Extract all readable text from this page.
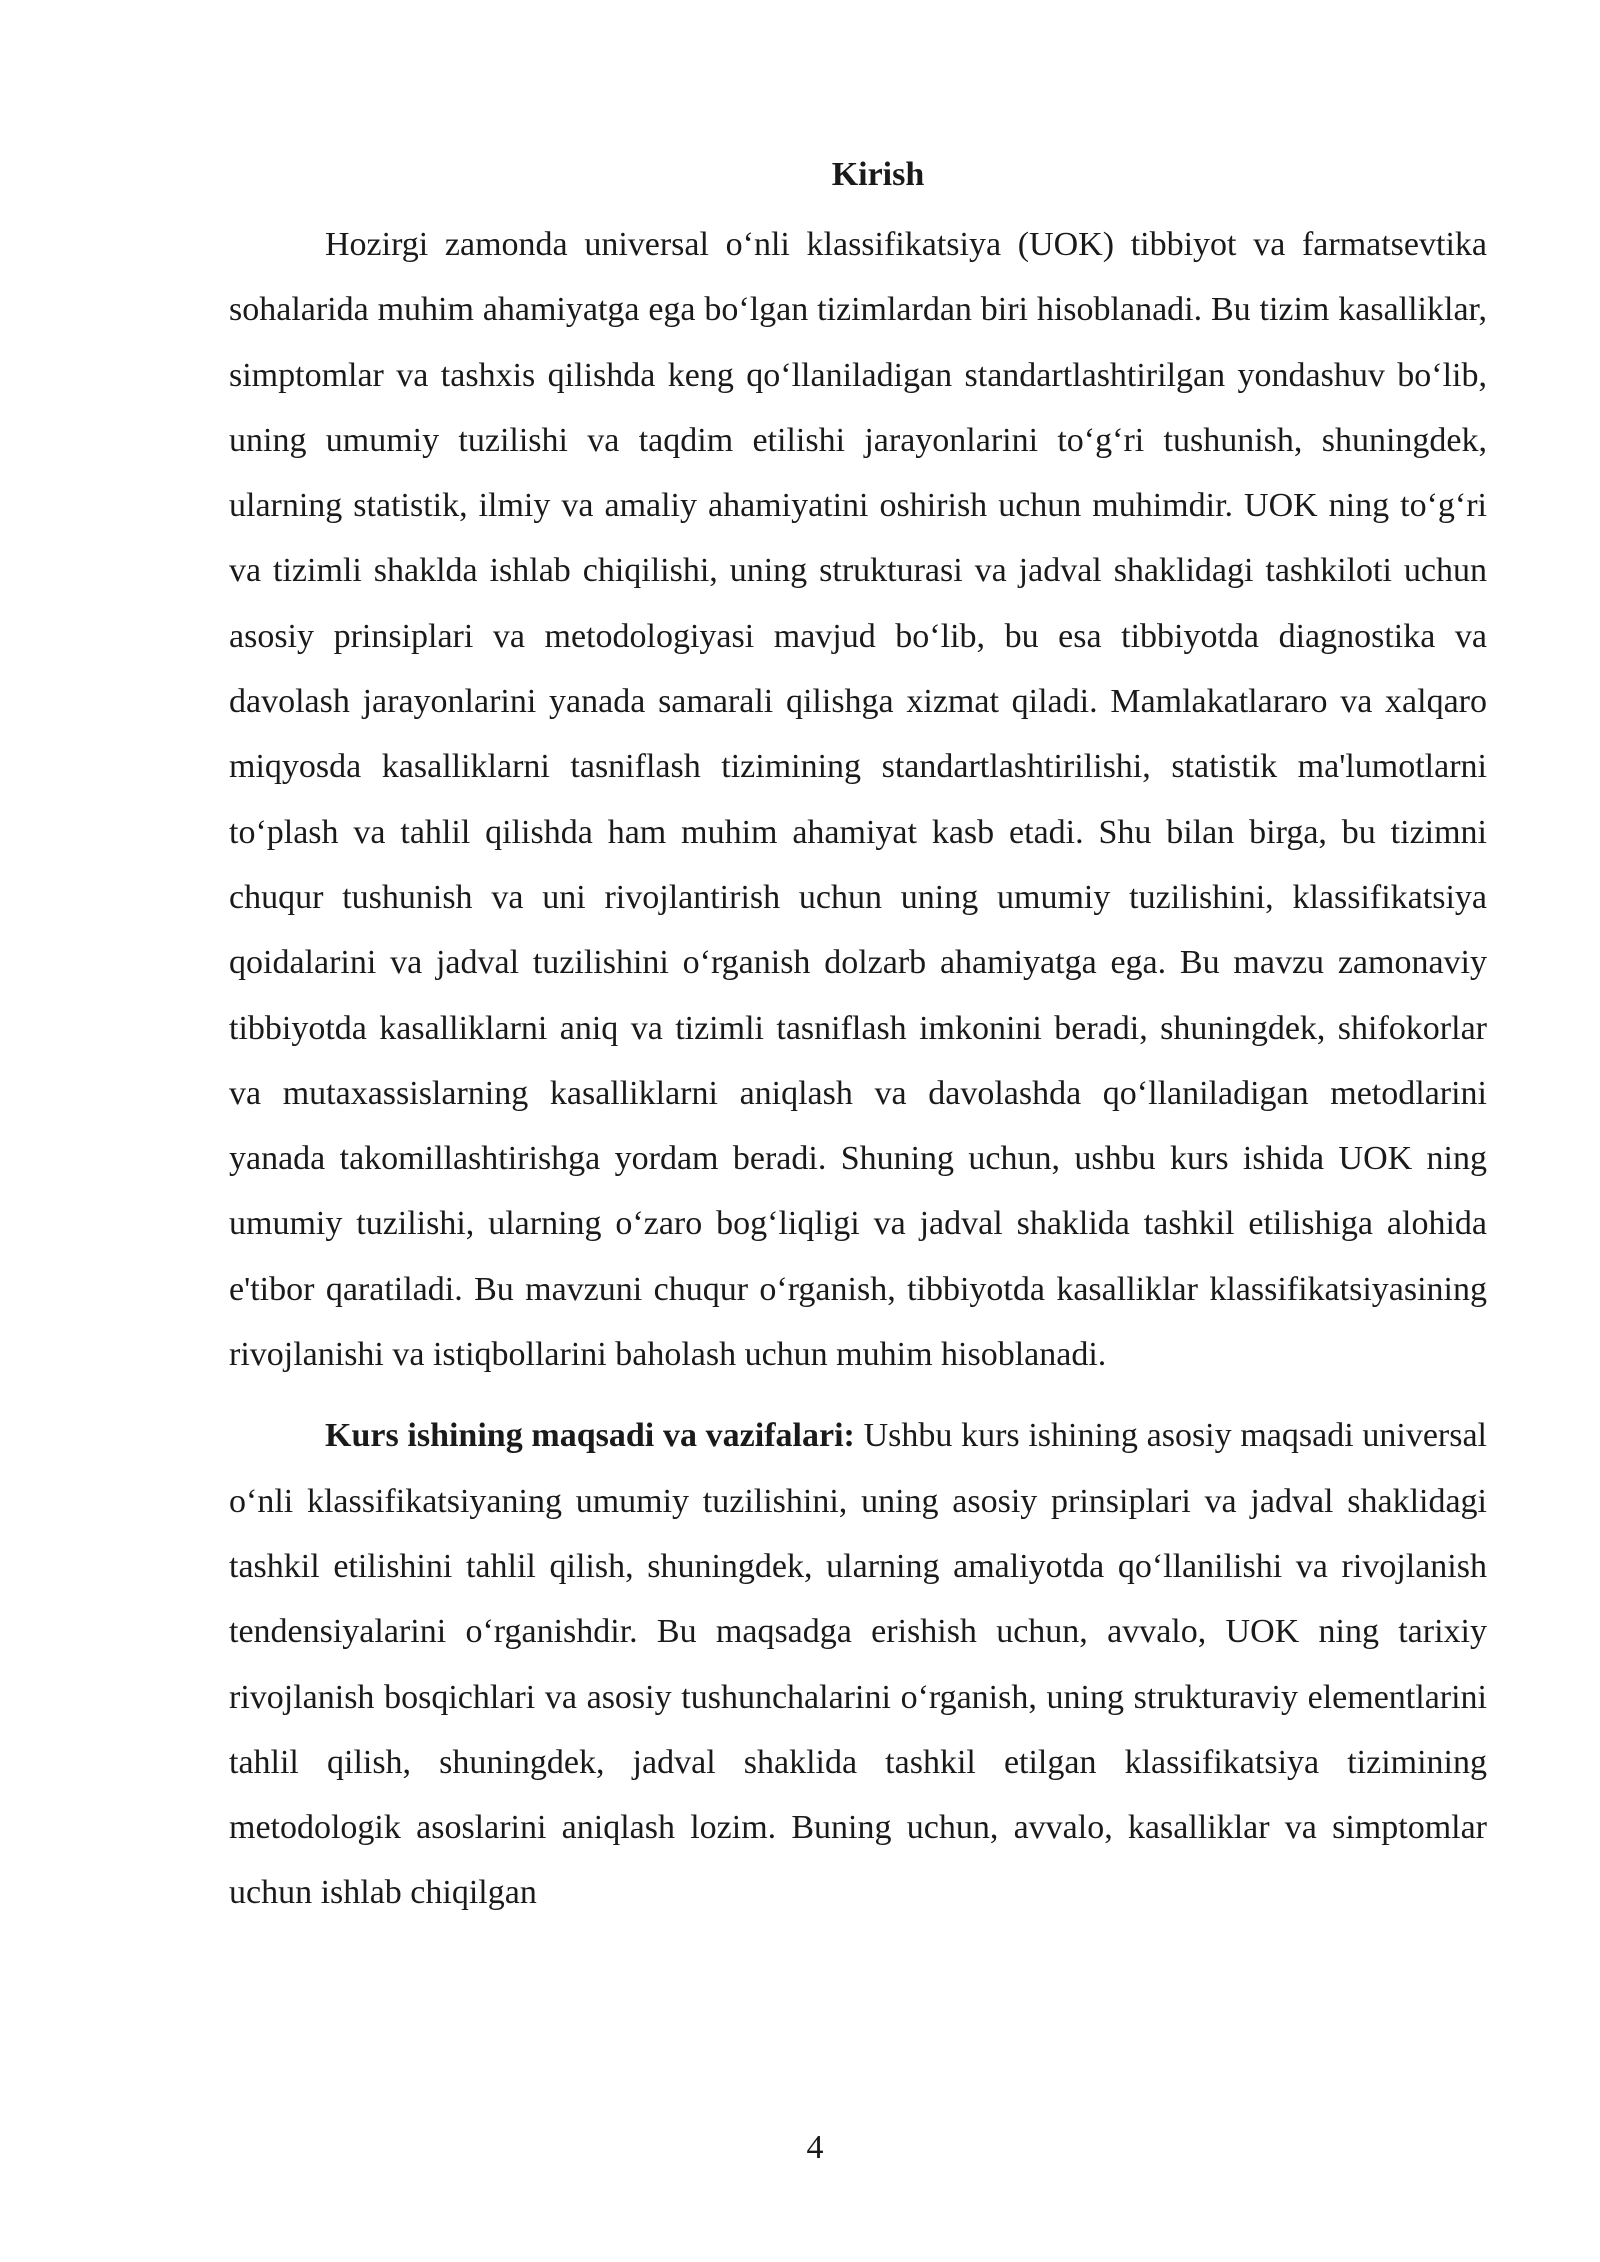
Kirish

Hozirgi zamonda universal o‘nli klassifikatsiya (UOK) tibbiyot va farmatsevtika sohalarida muhim ahamiyatga ega bo‘lgan tizimlardan biri hisoblanadi. Bu tizim kasalliklar, simptomlar va tashxis qilishda keng qo‘llaniladigan standartlashtirilgan yondashuv bo‘lib, uning umumiy tuzilishi va taqdim etilishi jarayonlarini to‘g‘ri tushunish, shuningdek, ularning statistik, ilmiy va amaliy ahamiyatini oshirish uchun muhimdir. UOK ning to‘g‘ri va tizimli shaklda ishlab chiqilishi, uning strukturasi va jadval shaklidagi tashkiloti uchun asosiy prinsiplari va metodologiyasi mavjud bo‘lib, bu esa tibbiyotda diagnostika va davolash jarayonlarini yanada samarali qilishga xizmat qiladi. Mamlakatlararo va xalqaro miqyosda kasalliklarni tasniflash tizimining standartlashtirilishi, statistik ma'lumotlarni to‘plash va tahlil qilishda ham muhim ahamiyat kasb etadi. Shu bilan birga, bu tizimni chuqur tushunish va uni rivojlantirish uchun uning umumiy tuzilishini, klassifikatsiya qoidalarini va jadval tuzilishini o‘rganish dolzarb ahamiyatga ega. Bu mavzu zamonaviy tibbiyotda kasalliklarni aniq va tizimli tasniflash imkonini beradi, shuningdek, shifokorlar va mutaxassislarning kasalliklarni aniqlash va davolashda qo‘llaniladigan metodlarini yanada takomillashtirishga yordam beradi. Shuning uchun, ushbu kurs ishida UOK ning umumiy tuzilishi, ularning o‘zaro bog‘liqligi va jadval shaklida tashkil etilishiga alohida e'tibor qaratiladi. Bu mavzuni chuqur o‘rganish, tibbiyotda kasalliklar klassifikatsiyasining rivojlanishi va istiqbollarini baholash uchun muhim hisoblanadi.

Kurs ishining maqsadi va vazifalari: Ushbu kurs ishining asosiy maqsadi universal o‘nli klassifikatsiyaning umumiy tuzilishini, uning asosiy prinsiplari va jadval shaklidagi tashkil etilishini tahlil qilish, shuningdek, ularning amaliyotda qo‘llanilishi va rivojlanish tendensiyalarini o‘rganishdir. Bu maqsadga erishish uchun, avvalo, UOK ning tarixiy rivojlanish bosqichlari va asosiy tushunchalarini o‘rganish, uning strukturaviy elementlarini tahlil qilish, shuningdek, jadval shaklida tashkil etilgan klassifikatsiya tizimining metodologik asoslarini aniqlash lozim. Buning uchun, avvalo, kasalliklar va simptomlar uchun ishlab chiqilgan

4
